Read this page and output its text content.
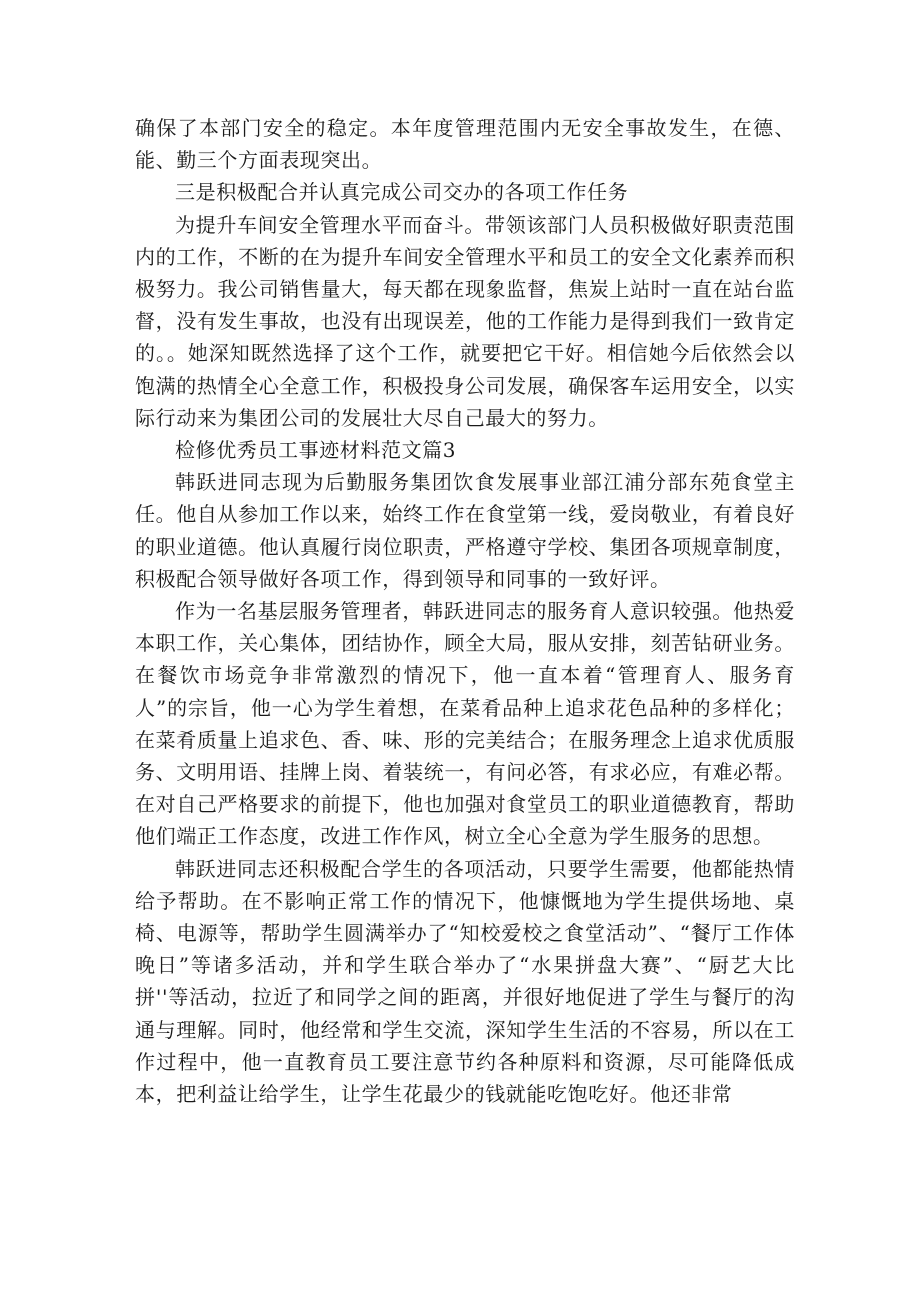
确保了本部门安全的稳定。本年度管理范围内无安全事故发生，在德、能、勤三个方面表现突出。

三是积极配合并认真完成公司交办的各项工作任务

为提升车间安全管理水平而奋斗。带领该部门人员积极做好职责范围内的工作，不断的在为提升车间安全管理水平和员工的安全文化素养而积极努力。我公司销售量大，每天都在现象监督，焦炭上站时一直在站台监督，没有发生事故，也没有出现误差，他的工作能力是得到我们一致肯定的。。她深知既然选择了这个工作，就要把它干好。相信她今后依然会以饱满的热情全心全意工作，积极投身公司发展，确保客车运用安全，以实际行动来为集团公司的发展壮大尽自己最大的努力。

检修优秀员工事迹材料范文篇3

韩跃进同志现为后勤服务集团饮食发展事业部江浦分部东苑食堂主任。他自从参加工作以来，始终工作在食堂第一线，爱岗敬业，有着良好的职业道德。他认真履行岗位职责，严格遵守学校、集团各项规章制度，积极配合领导做好各项工作，得到领导和同事的一致好评。

作为一名基层服务管理者，韩跃进同志的服务育人意识较强。他热爱本职工作，关心集体，团结协作，顾全大局，服从安排，刻苦钻研业务。在餐饮市场竞争非常激烈的情况下，他一直本着“管理育人、服务育人”的宗旨，他一心为学生着想，在菜肴品种上追求花色品种的多样化；在菜肴质量上追求色、香、味、形的完美结合；在服务理念上追求优质服务、文明用语、挂牌上岗、着装统一，有问必答，有求必应，有难必帮。在对自己严格要求的前提下，他也加强对食堂员工的职业道德教育，帮助他们端正工作态度，改进工作作风，树立全心全意为学生服务的思想。

韩跃进同志还积极配合学生的各项活动，只要学生需要，他都能热情给予帮助。在不影响正常工作的情况下，他慷慨地为学生提供场地、桌椅、电源等，帮助学生圆满举办了“知校爱校之食堂活动”、“餐厅工作体晚日”等诸多活动，并和学生联合举办了“水果拼盘大赛”、“厨艺大比拼''等活动，拉近了和同学之间的距离，并很好地促进了学生与餐厅的沟通与理解。同时，他经常和学生交流，深知学生生活的不容易，所以在工作过程中，他一直教育员工要注意节约各种原料和资源，尽可能降低成本，把利益让给学生，让学生花最少的钱就能吃饱吃好。他还非常
